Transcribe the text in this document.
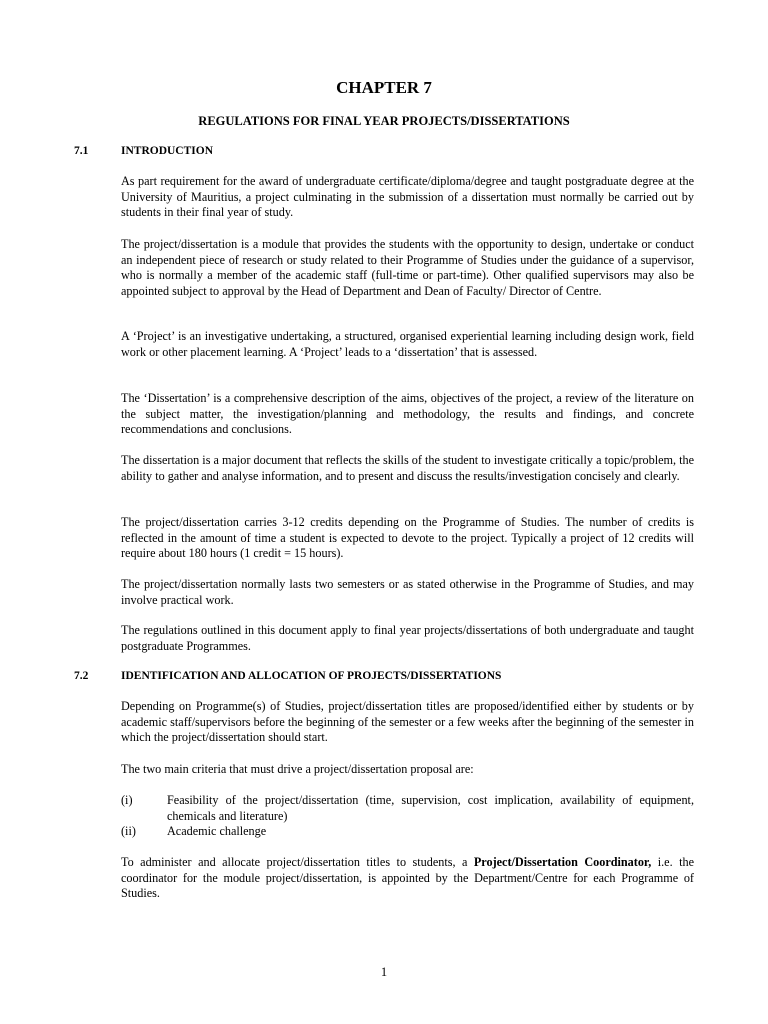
CHAPTER 7
REGULATIONS FOR FINAL YEAR PROJECTS/DISSERTATIONS
7.1	INTRODUCTION

As part requirement for the award of undergraduate certificate/diploma/degree and taught postgraduate degree at the University of Mauritius, a project culminating in the submission of a dissertation must normally be carried out by students in their final year of study.

The project/dissertation is a module that provides the students with the opportunity to design, undertake or conduct an independent piece of research or study related to their Programme of Studies under the guidance of a supervisor, who is normally a member of the academic staff (full-time or part-time). Other qualified supervisors may also be appointed subject to approval by the Head of Department and Dean of Faculty/ Director of Centre.

A ‘Project’ is an investigative undertaking, a structured, organised experiential learning including design work, field work or other placement learning. A ‘Project’ leads to a ‘dissertation’ that is assessed.

The ‘Dissertation’ is a comprehensive description of the aims, objectives of the project, a review of the literature on the subject matter, the investigation/planning and methodology, the results and findings, and concrete recommendations and conclusions.

The dissertation is a major document that reflects the skills of the student to investigate critically a topic/problem, the ability to gather and analyse information, and to present and discuss the results/investigation concisely and clearly.

The project/dissertation carries 3-12 credits depending on the Programme of Studies. The number of credits is reflected in the amount of time a student is expected to devote to the project. Typically a project of 12 credits will require about 180 hours (1 credit = 15 hours).

The project/dissertation normally lasts two semesters or as stated otherwise in the Programme of Studies, and may involve practical work.

The regulations outlined in this document apply to final year projects/dissertations of both undergraduate and taught postgraduate Programmes.

7.2	IDENTIFICATION AND ALLOCATION OF PROJECTS/DISSERTATIONS

Depending on Programme(s) of Studies, project/dissertation titles are proposed/identified either by students or by academic staff/supervisors before the beginning of the semester or a few weeks after the beginning of the semester in which the project/dissertation should start.

The two main criteria that must drive a project/dissertation proposal are:

(i)	Feasibility of the project/dissertation (time, supervision, cost implication, availability of equipment, chemicals and literature)
(ii)	Academic challenge

To administer and allocate project/dissertation titles to students, a Project/Dissertation Coordinator, i.e. the coordinator for the module project/dissertation, is appointed by the Department/Centre for each Programme of Studies.

1
